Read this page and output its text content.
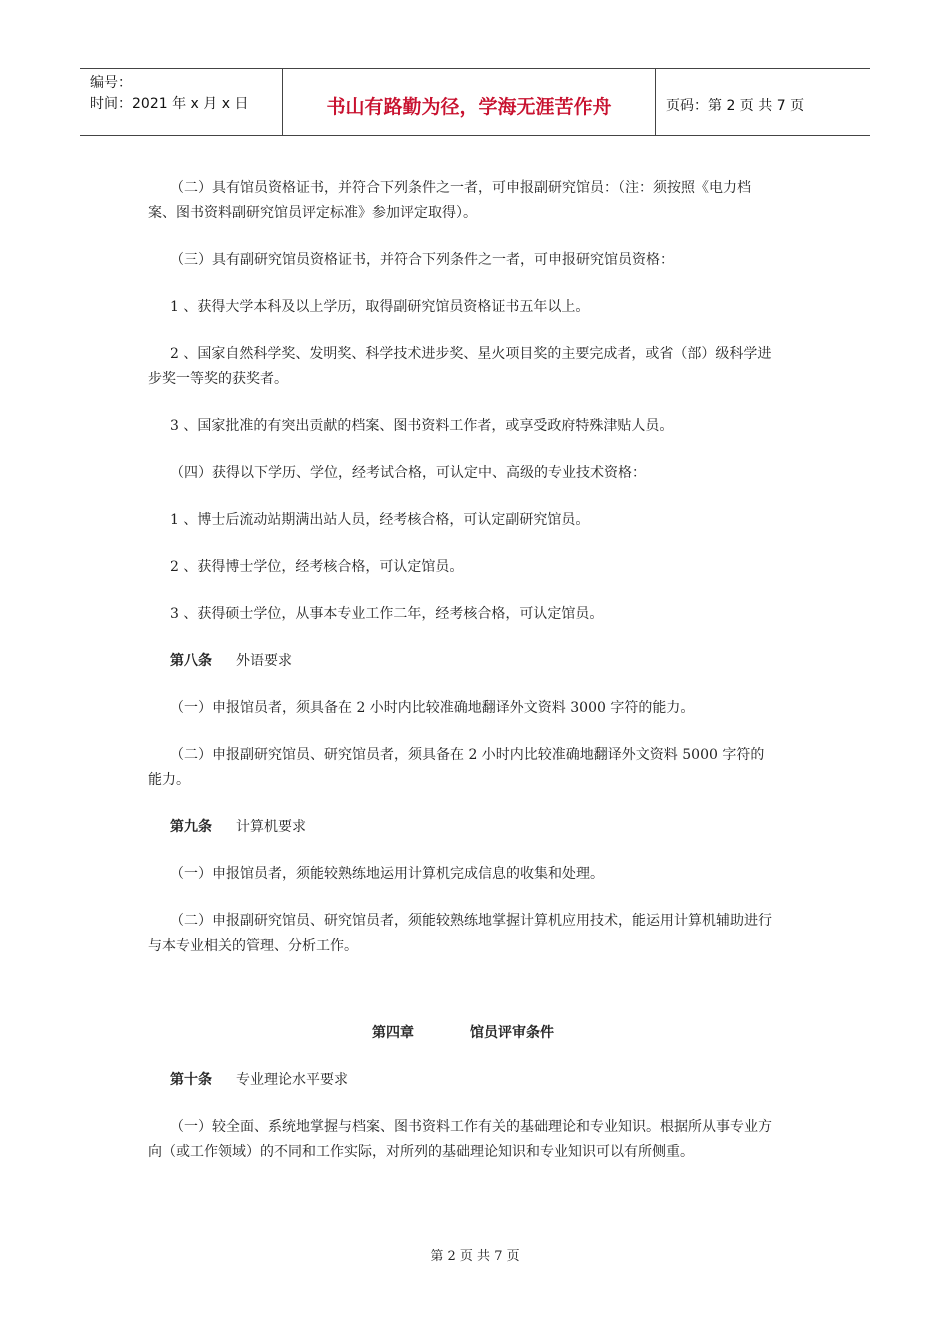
编号：
时间：2021 年 x 月 x 日	书山有路勤为径，学海无涯苦作舟	页码：第 2 页 共 7 页

（二）具有馆员资格证书，并符合下列条件之一者，可申报副研究馆员：（注：须按照《电力档案、图书资料副研究馆员评定标准》参加评定取得）。

（三）具有副研究馆员资格证书，并符合下列条件之一者，可申报研究馆员资格：

1 、获得大学本科及以上学历，取得副研究馆员资格证书五年以上。

2 、国家自然科学奖、发明奖、科学技术进步奖、星火项目奖的主要完成者，或省（部）级科学进步奖一等奖的获奖者。

3 、国家批准的有突出贡献的档案、图书资料工作者，或享受政府特殊津贴人员。

（四）获得以下学历、学位，经考试合格，可认定中、高级的专业技术资格：

1 、博士后流动站期满出站人员，经考核合格，可认定副研究馆员。

2 、获得博士学位，经考核合格，可认定馆员。

3 、获得硕士学位，从事本专业工作二年，经考核合格，可认定馆员。

第八条 外语要求

（一）申报馆员者，须具备在 2 小时内比较准确地翻译外文资料 3000 字符的能力。

（二）申报副研究馆员、研究馆员者，须具备在 2 小时内比较准确地翻译外文资料 5000 字符的能力。

第九条 计算机要求

（一）申报馆员者，须能较熟练地运用计算机完成信息的收集和处理。

（二）申报副研究馆员、研究馆员者，须能较熟练地掌握计算机应用技术，能运用计算机辅助进行与本专业相关的管理、分析工作。

第四章	馆员评审条件

第十条 专业理论水平要求

（一）较全面、系统地掌握与档案、图书资料工作有关的基础理论和专业知识。根据所从事专业方向（或工作领域）的不同和工作实际，对所列的基础理论知识和专业知识可以有所侧重。

第 2 页 共 7 页
